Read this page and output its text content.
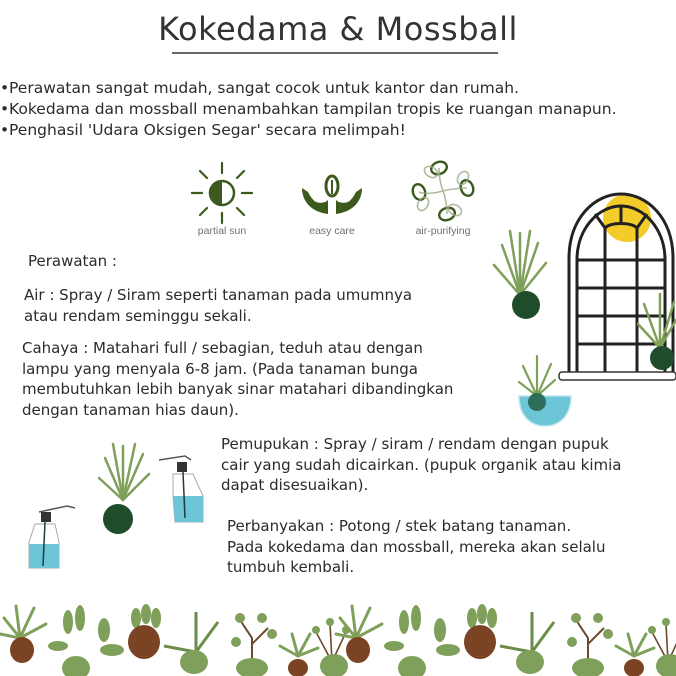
Kokedama & Mossball
•Perawatan sangat mudah, sangat cocok untuk kantor dan rumah.
•Kokedama dan mossball menambahkan tampilan tropis ke ruangan manapun.
•Penghasil 'Udara Oksigen Segar' secara melimpah!
partial sun	easy care	air-purifying
Perawatan :
Air : Spray / Siram seperti tanaman pada umumnya
atau rendam seminggu sekali.
Cahaya : Matahari full / sebagian, teduh atau dengan
lampu yang menyala 6-8 jam. (Pada tanaman bunga
membutuhkan lebih banyak sinar matahari dibandingkan
dengan tanaman hias daun).
Pemupukan : Spray / siram / rendam dengan pupuk
cair yang sudah dicairkan. (pupuk organik atau kimia
dapat disesuaikan).
Perbanyakan : Potong / stek batang tanaman.
Pada kokedama dan mossball, mereka akan selalu
tumbuh kembali.
